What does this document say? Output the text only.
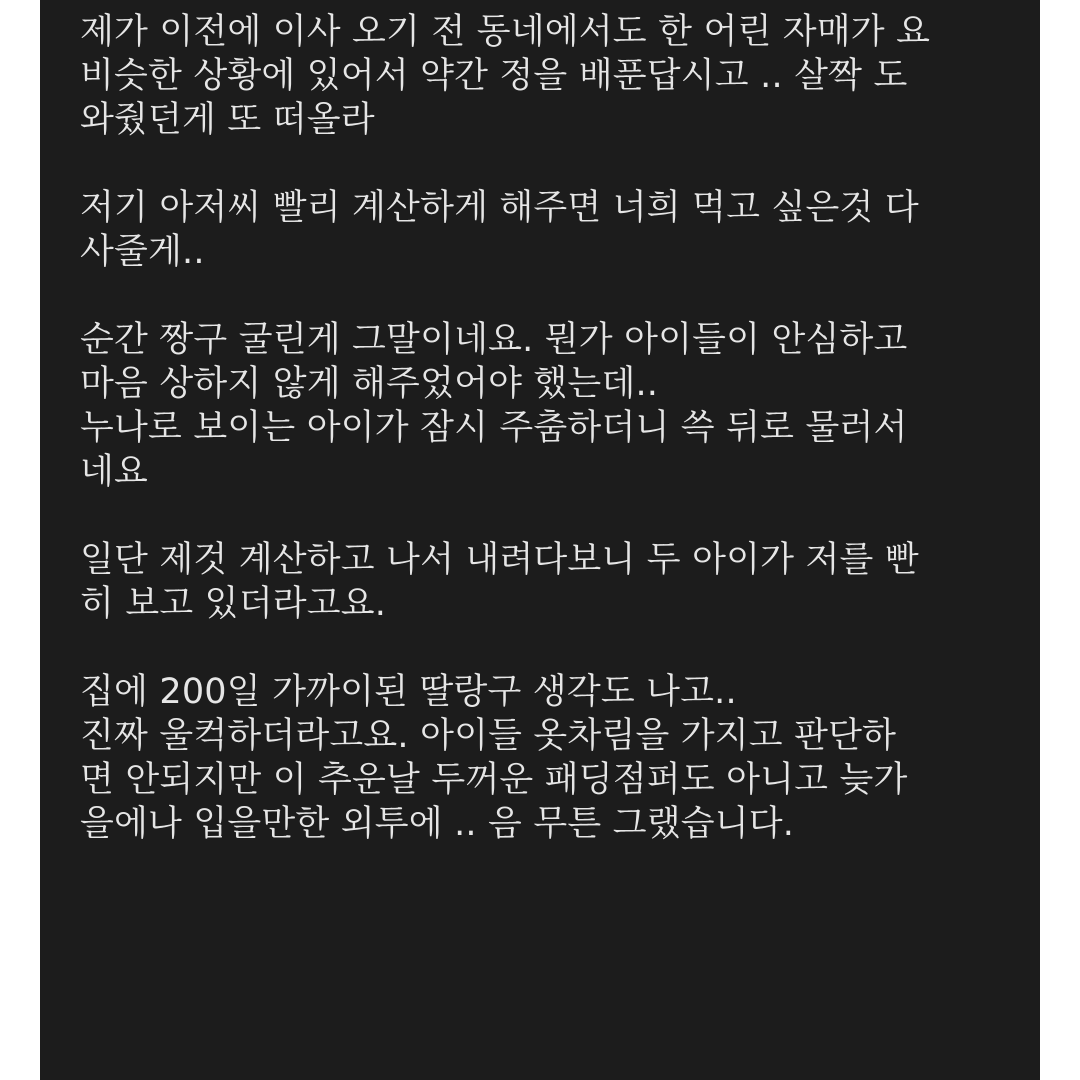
제가 이전에 이사 오기 전 동네에서도 한 어린 자매가 요
비슷한 상황에 있어서 약간 정을 배푼답시고 .. 살짝 도
와줬던게 또 떠올라
저기 아저씨 빨리 계산하게 해주면 너희 먹고 싶은것 다
사줄게..
순간 짱구 굴린게 그말이네요. 뭔가 아이들이 안심하고
마음 상하지 않게 해주었어야 했는데..
누나로 보이는 아이가 잠시 주춤하더니 쓱 뒤로 물러서
네요
일단 제것 계산하고 나서 내려다보니 두 아이가 저를 빤
히 보고 있더라고요.
집에 200일 가까이된 딸랑구 생각도 나고..
진짜 울컥하더라고요. 아이들 옷차림을 가지고 판단하
면 안되지만 이 추운날 두꺼운 패딩점퍼도 아니고 늦가
을에나 입을만한 외투에 .. 음 무튼 그랬습니다.
